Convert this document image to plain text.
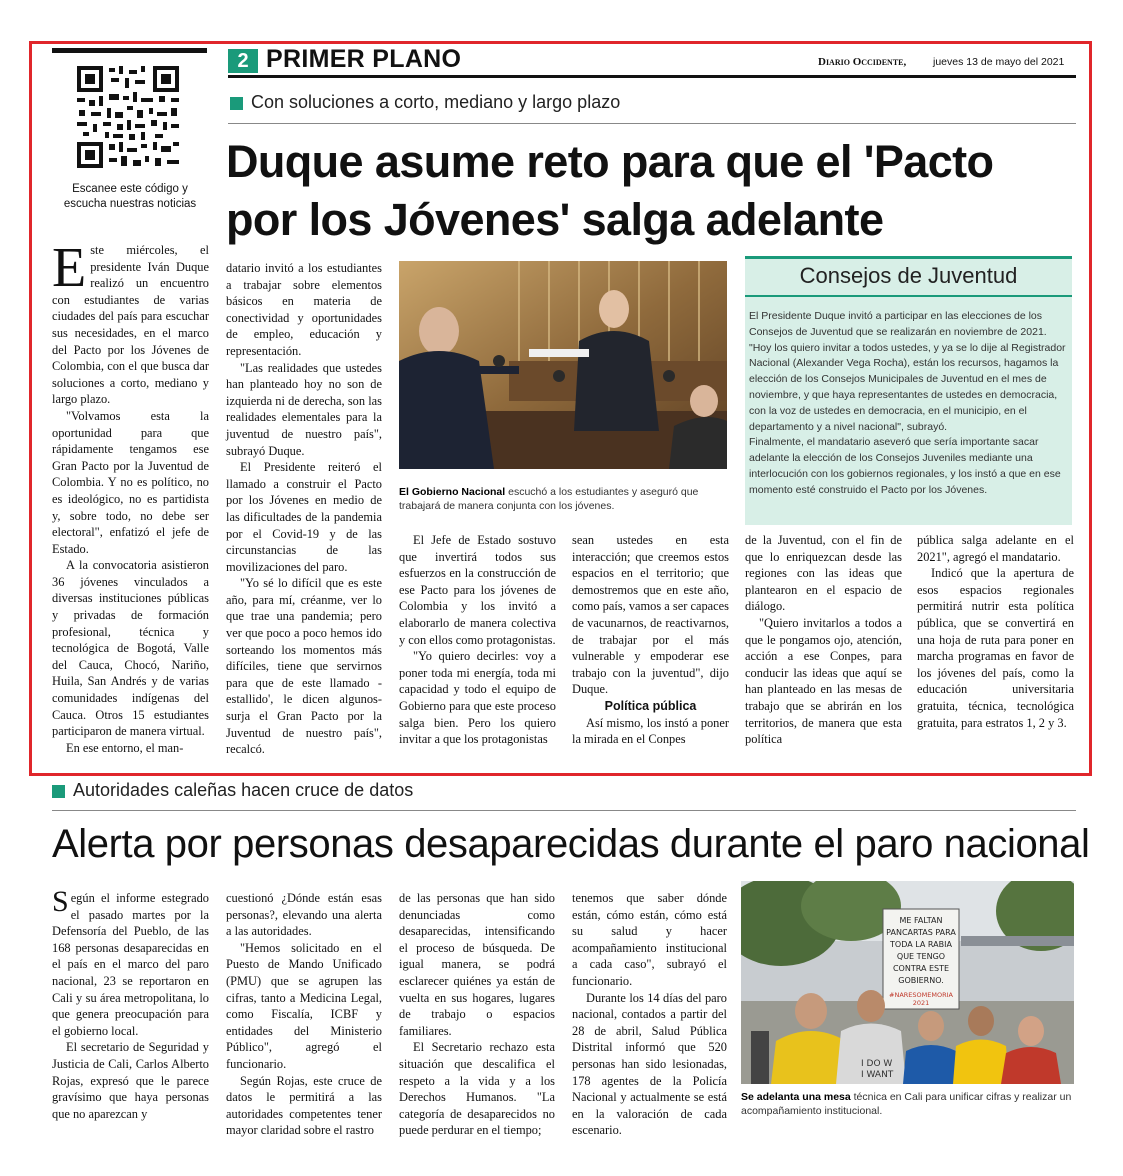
2 PRIMER PLANO	Diario Occidente,	jueves 13 de mayo del 2021
Escanee este código y
escucha nuestras noticias
Con soluciones a corto, mediano y largo plazo
Duque asume reto para que el 'Pacto
por los Jóvenes' salga adelante

Este miércoles, el presidente Iván Duque realizó un encuentro con estudiantes de varias ciudades del país para escuchar sus necesidades, en el marco del Pacto por los Jóvenes de Colombia, con el que busca dar soluciones a corto, mediano y largo plazo.

"Volvamos esta la oportunidad para que rápidamente tengamos ese Gran Pacto por la Juventud de Colombia. Y no es político, no es ideológico, no es partidista y, sobre todo, no debe ser electoral", enfatizó el jefe de Estado.

A la convocatoria asistieron 36 jóvenes vinculados a diversas instituciones públicas y privadas de formación profesional, técnica y tecnológica de Bogotá, Valle del Cauca, Chocó, Nariño, Huila, San Andrés y de varias comunidades indígenas del Cauca. Otros 15 estudiantes participaron de manera virtual.

En ese entorno, el man-

datario invitó a los estudiantes a trabajar sobre elementos básicos en materia de conectividad y oportunidades de empleo, educación y representación.

"Las realidades que ustedes han planteado hoy no son de izquierda ni de derecha, son las realidades elementales para la juventud de nuestro país", subrayó Duque.

El Presidente reiteró el llamado a construir el Pacto por los Jóvenes en medio de las dificultades de la pandemia por el Covid-19 y de las circunstancias de las movilizaciones del paro.

"Yo sé lo difícil que es este año, para mí, créanme, ver lo que trae una pandemia; pero ver que poco a poco hemos ido sorteando los momentos más difíciles, tiene que servirnos para que de este llamado -estallido', le dicen algunos- surja el Gran Pacto por la Juventud de nuestro país", recalcó.

El Gobierno Nacional escuchó a los estudiantes y aseguró que trabajará de manera conjunta con los jóvenes.
Consejos de Juventud
El Presidente Duque invitó a participar en las elecciones de los Consejos de Juventud que se realizarán en noviembre de 2021.
"Hoy los quiero invitar a todos ustedes, y ya se lo dije al Registrador Nacional (Alexander Vega Rocha), están los recursos, hagamos la elección de los Consejos Municipales de Juventud en el mes de noviembre, y que haya representantes de ustedes en democracia, con la voz de ustedes en democracia, en el municipio, en el departamento y a nivel nacional", subrayó.
Finalmente, el mandatario aseveró que sería importante sacar adelante la elección de los Consejos Juveniles mediante una interlocución con los gobiernos regionales, y los instó a que en ese momento esté construido el Pacto por los Jóvenes.

El Jefe de Estado sostuvo que invertirá todos sus esfuerzos en la construcción de ese Pacto para los jóvenes de Colombia y los invitó a elaborarlo de manera colectiva y con ellos como protagonistas.

"Yo quiero decirles: voy a poner toda mi energía, toda mi capacidad y todo el equipo de Gobierno para que este proceso salga bien. Pero los quiero invitar a que los protagonistas

sean ustedes en esta interacción; que creemos estos espacios en el territorio; que demostremos que en este año, como país, vamos a ser capaces de vacunarnos, de reactivarnos, de trabajar por el más vulnerable y empoderar ese trabajo con la juventud", dijo Duque.

Política pública

Así mismo, los instó a poner la mirada en el Conpes

de la Juventud, con el fin de que lo enriquezcan desde las regiones con las ideas que plantearon en el espacio de diálogo.

"Quiero invitarlos a todos a que le pongamos ojo, atención, acción a ese Conpes, para conducir las ideas que aquí se han planteado en las mesas de trabajo que se abrirán en los territorios, de manera que esta política

pública salga adelante en el 2021", agregó el mandatario.

Indicó que la apertura de esos espacios regionales permitirá nutrir esta política pública, que se convertirá en una hoja de ruta para poner en marcha programas en favor de los jóvenes del país, como la educación universitaria gratuita, técnica, tecnológica gratuita, para estratos 1, 2 y 3.

Autoridades caleñas hacen cruce de datos
Alerta por personas desaparecidas durante el paro nacional

Según el informe estegrado el pasado martes por la Defensoría del Pueblo, de las 168 personas desaparecidas en el país en el marco del paro nacional, 23 se reportaron en Cali y su área metropolitana, lo que genera preocupación para el gobierno local.

El secretario de Seguridad y Justicia de Cali, Carlos Alberto Rojas, expresó que le parece gravísimo que haya personas que no aparezcan y

cuestionó ¿Dónde están esas personas?, elevando una alerta a las autoridades.

"Hemos solicitado en el Puesto de Mando Unificado (PMU) que se agrupen las cifras, tanto a Medicina Legal, como Fiscalía, ICBF y entidades del Ministerio Público", agregó el funcionario.

Según Rojas, este cruce de datos le permitirá a las autoridades competentes tener mayor claridad sobre el rastro

de las personas que han sido denunciadas como desaparecidas, intensificando el proceso de búsqueda. De igual manera, se podrá esclarecer quiénes ya están de vuelta en sus hogares, lugares de trabajo o espacios familiares.

El Secretario rechazo esta situación que descalifica el respeto a la vida y a los Derechos Humanos. "La categoría de desaparecidos no puede perdurar en el tiempo;

tenemos que saber dónde están, cómo están, cómo está su salud y hacer acompañamiento institucional a cada caso", subrayó el funcionario.

Durante los 14 días del paro nacional, contados a partir del 28 de abril, Salud Pública Distrital informó que 520 personas han sido lesionadas, 178 agentes de la Policía Nacional y actualmente se está en la valoración de cada escenario.

ME FALTAN
PANCARTAS PARA
TODA LA RABIA
QUE TENGO
CONTRA ESTE
GOBIERNO.
#NARESOMEMORIA
2021
I DO W
I WANT
Se adelanta una mesa técnica en Cali para unificar cifras y realizar un acompañamiento institucional.
